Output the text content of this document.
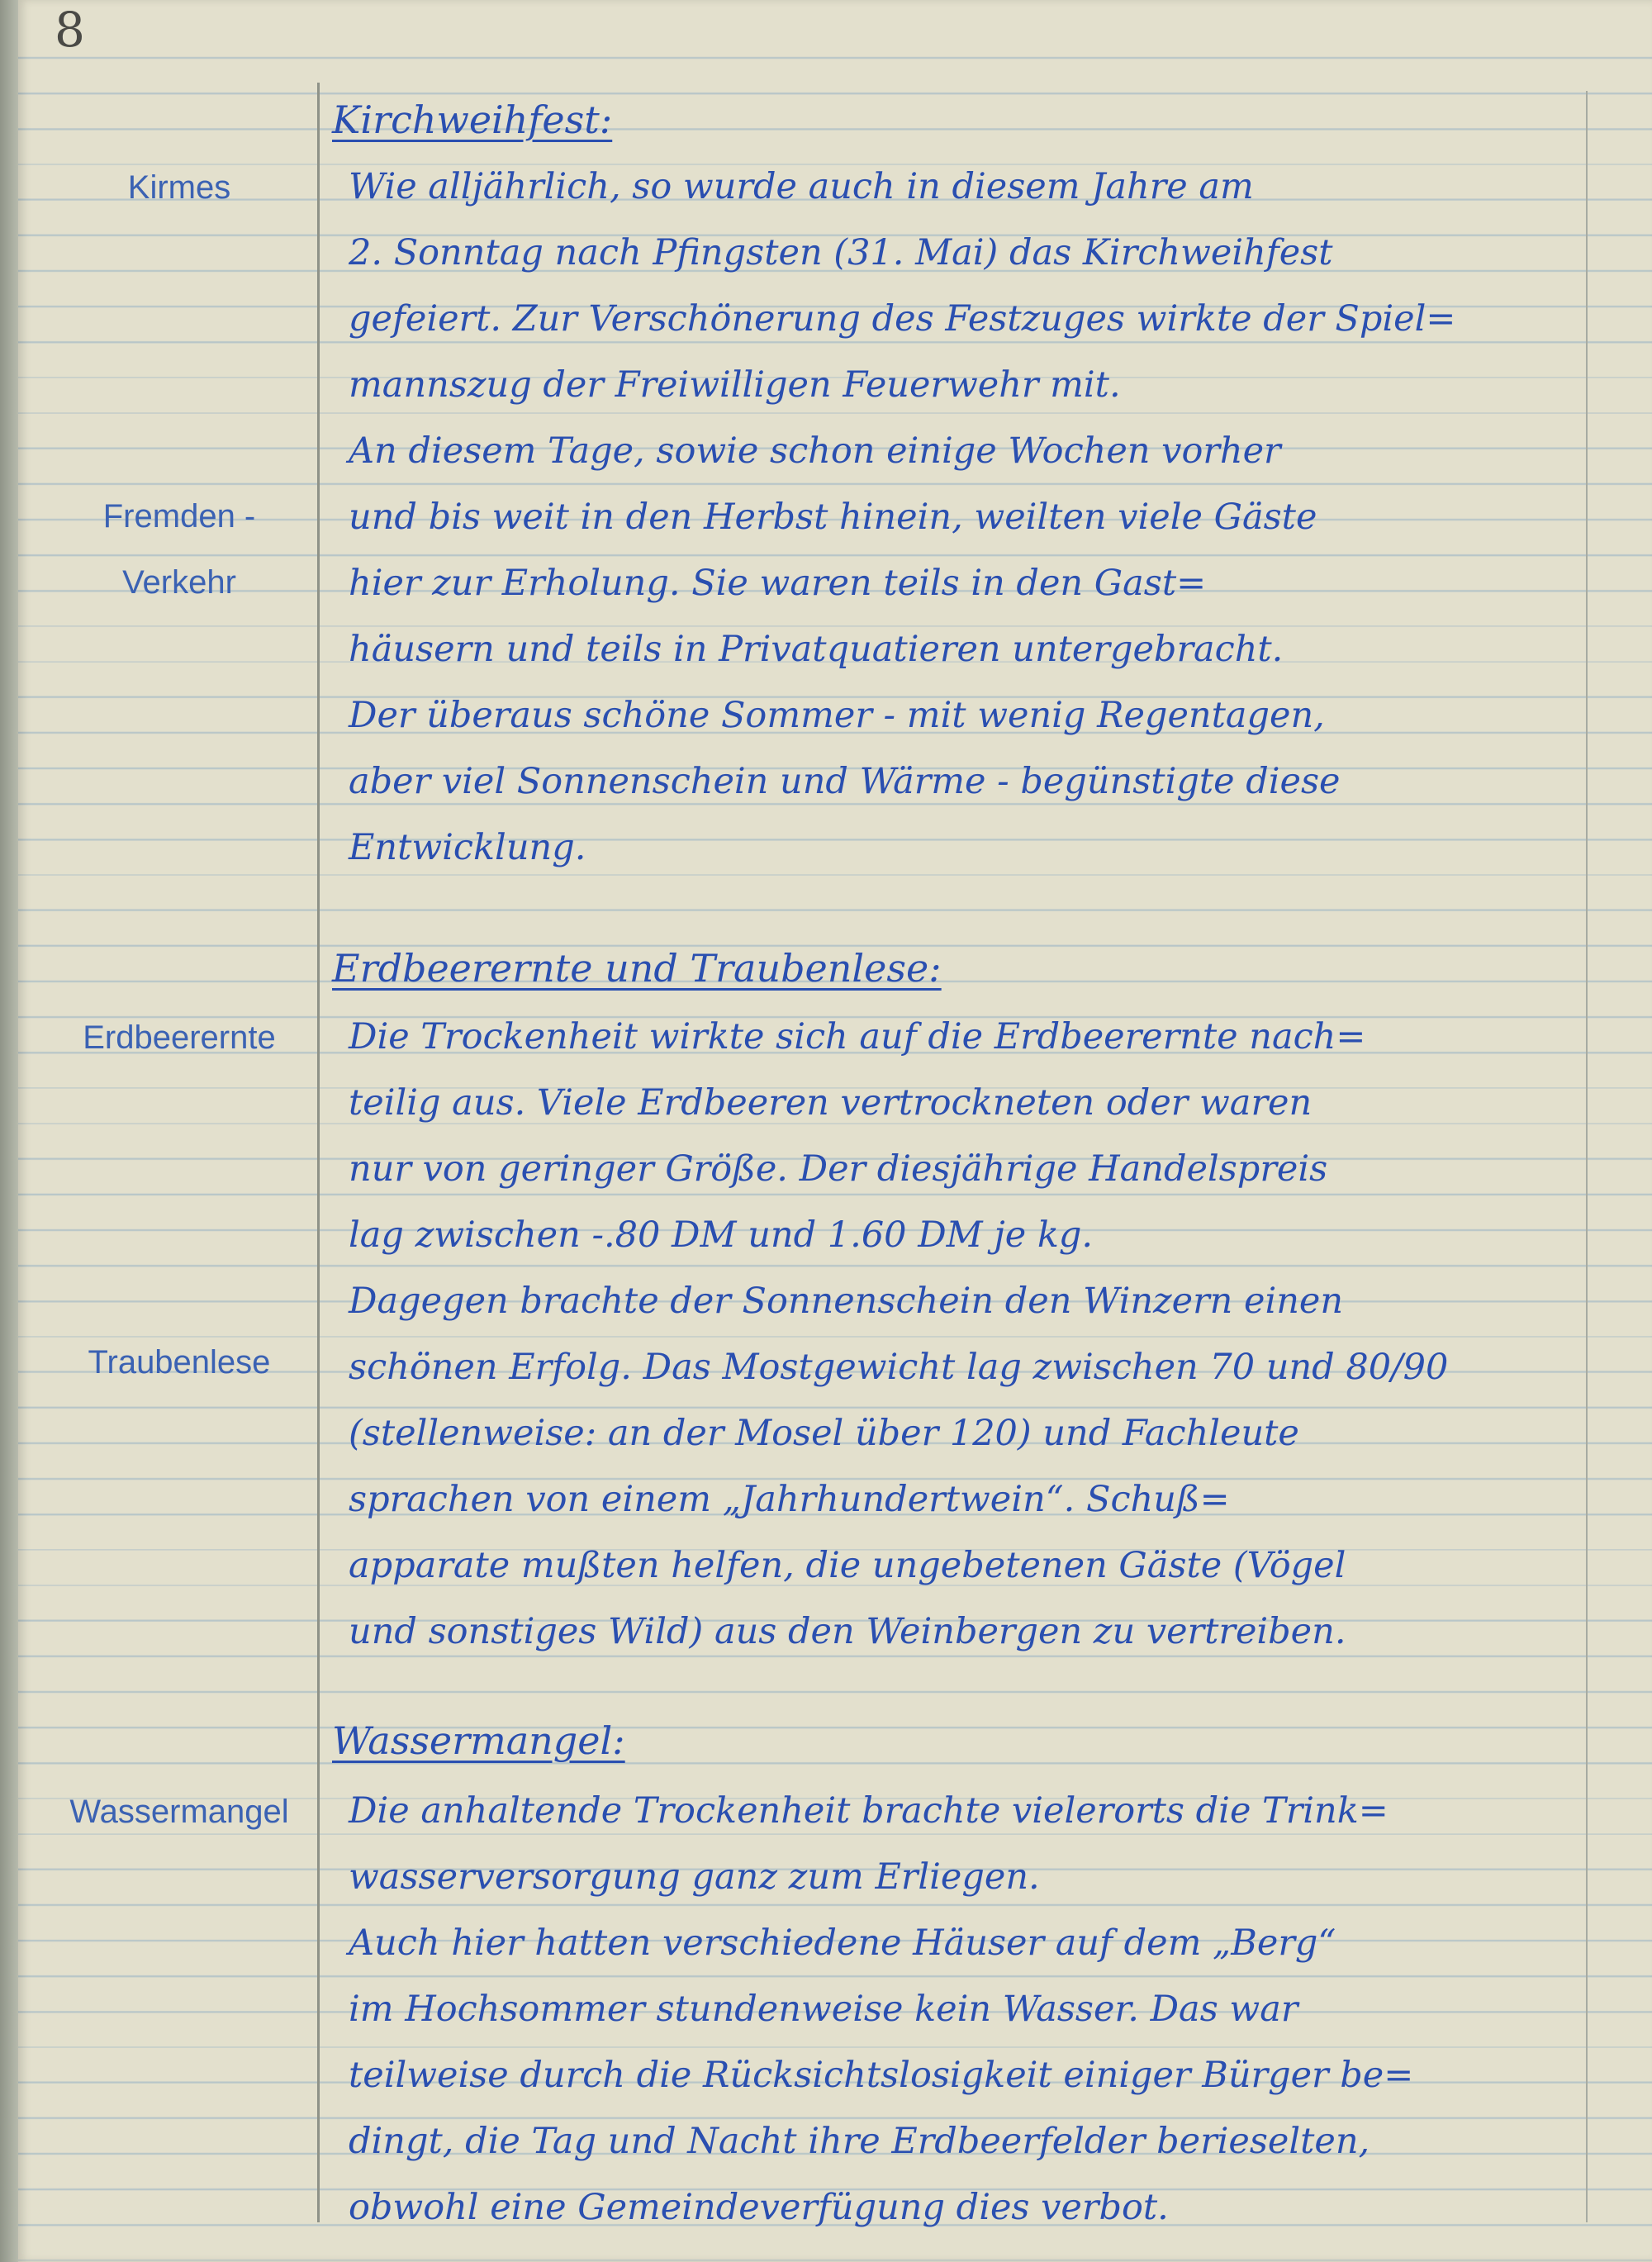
8
Kirmes
Fremden -
Verkehr
Erdbeerernte
Traubenlese
Wassermangel
Kirchweihfest:
Wie alljährlich, so wurde auch in diesem Jahre am
2. Sonntag nach Pfingsten (31. Mai) das Kirchweihfest
gefeiert. Zur Verschönerung des Festzuges wirkte der Spiel=
mannszug der Freiwilligen Feuerwehr mit.
An diesem Tage, sowie schon einige Wochen vorher
und bis weit in den Herbst hinein, weilten viele Gäste
hier zur Erholung. Sie waren teils in den Gast=
häusern und teils in Privatquatieren untergebracht.
Der überaus schöne Sommer - mit wenig Regentagen,
aber viel Sonnenschein und Wärme - begünstigte diese
Entwicklung.
Erdbeerernte und Traubenlese:
Die Trockenheit wirkte sich auf die Erdbeerernte nach=
teilig aus. Viele Erdbeeren vertrockneten oder waren
nur von geringer Größe. Der diesjährige Handelspreis
lag zwischen -.80 DM und 1.60 DM je kg.
Dagegen brachte der Sonnenschein den Winzern einen
schönen Erfolg. Das Mostgewicht lag zwischen 70 und 80/90
(stellenweise: an der Mosel über 120) und Fachleute
sprachen von einem „Jahrhundertwein“. Schuß=
apparate mußten helfen, die ungebetenen Gäste (Vögel
und sonstiges Wild) aus den Weinbergen zu vertreiben.
Wassermangel:
Die anhaltende Trockenheit brachte vielerorts die Trink=
wasserversorgung ganz zum Erliegen.
Auch hier hatten verschiedene Häuser auf dem „Berg“
im Hochsommer stundenweise kein Wasser. Das war
teilweise durch die Rücksichtslosigkeit einiger Bürger be=
dingt, die Tag und Nacht ihre Erdbeerfelder berieselten,
obwohl eine Gemeindeverfügung dies verbot.
